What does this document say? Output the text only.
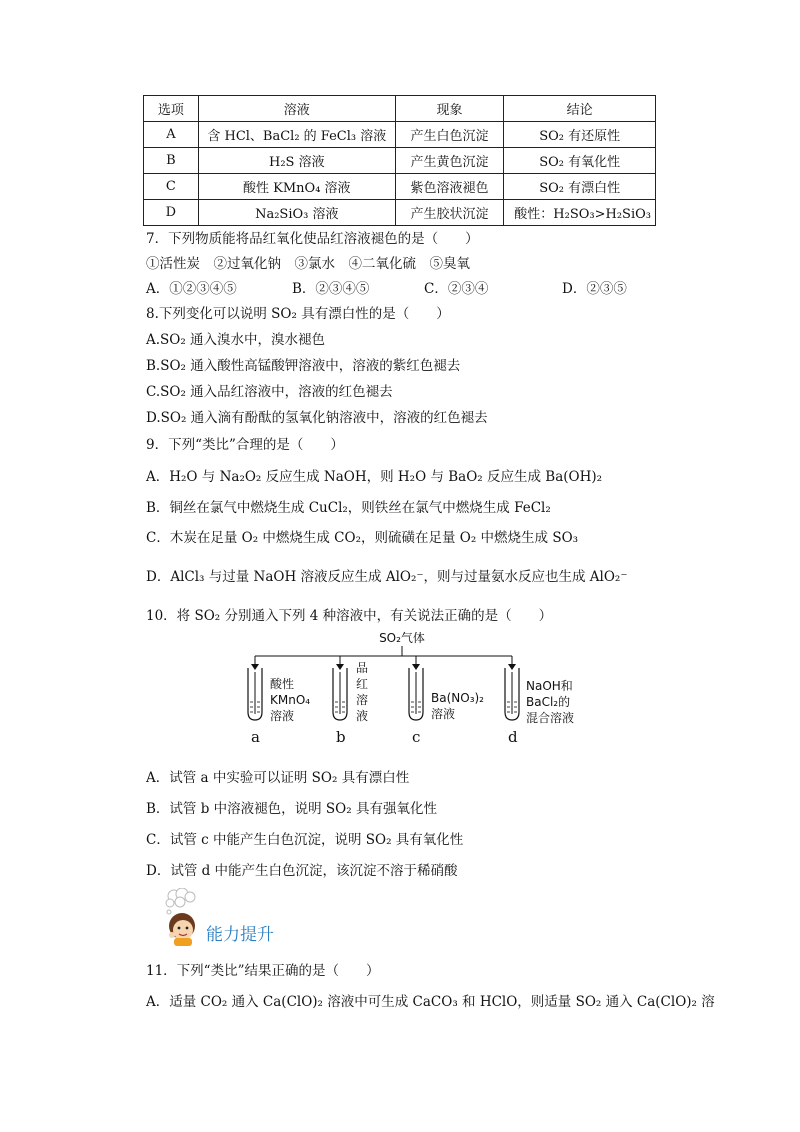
选项	溶液	现象	结论
A	含 HCl、BaCl₂ 的 FeCl₃ 溶液	产生白色沉淀	SO₂ 有还原性
B	H₂S 溶液	产生黄色沉淀	SO₂ 有氧化性
C	酸性 KMnO₄ 溶液	紫色溶液褪色	SO₂ 有漂白性
D	Na₂SiO₃ 溶液	产生胶状沉淀	酸性：H₂SO₃>H₂SiO₃
7．下列物质能将品红氧化使品红溶液褪色的是（　　）
①活性炭　②过氧化钠　③氯水　④二氧化硫　⑤臭氧
A．①②③④⑤	B．②③④⑤	C．②③④	D．②③⑤
8.下列变化可以说明 SO₂ 具有漂白性的是（　　）
A.SO₂ 通入溴水中，溴水褪色
B.SO₂ 通入酸性高锰酸钾溶液中，溶液的紫红色褪去
C.SO₂ 通入品红溶液中，溶液的红色褪去
D.SO₂ 通入滴有酚酞的氢氧化钠溶液中，溶液的红色褪去
9．下列“类比”合理的是（　　）
A．H₂O 与 Na₂O₂ 反应生成 NaOH，则 H₂O 与 BaO₂ 反应生成 Ba(OH)₂
B．铜丝在氯气中燃烧生成 CuCl₂，则铁丝在氯气中燃烧生成 FeCl₂
C．木炭在足量 O₂ 中燃烧生成 CO₂，则硫磺在足量 O₂ 中燃烧生成 SO₃
D．AlCl₃ 与过量 NaOH 溶液反应生成 AlO₂⁻，则与过量氨水反应也生成 AlO₂⁻
10．将 SO₂ 分别通入下列 4 种溶液中，有关说法正确的是（　　）
SO₂气体
酸性
KMnO₄
溶液
a
品
红
溶
液
b
Ba(NO₃)₂
溶液
c
NaOH和
BaCl₂的
混合溶液
d
A．试管 a 中实验可以证明 SO₂ 具有漂白性
B．试管 b 中溶液褪色，说明 SO₂ 具有强氧化性
C．试管 c 中能产生白色沉淀，说明 SO₂ 具有氧化性
D．试管 d 中能产生白色沉淀，该沉淀不溶于稀硝酸
能力提升
11．下列“类比”结果正确的是（　　）
A．适量 CO₂ 通入 Ca(ClO)₂ 溶液中可生成 CaCO₃ 和 HClO，则适量 SO₂ 通入 Ca(ClO)₂ 溶
